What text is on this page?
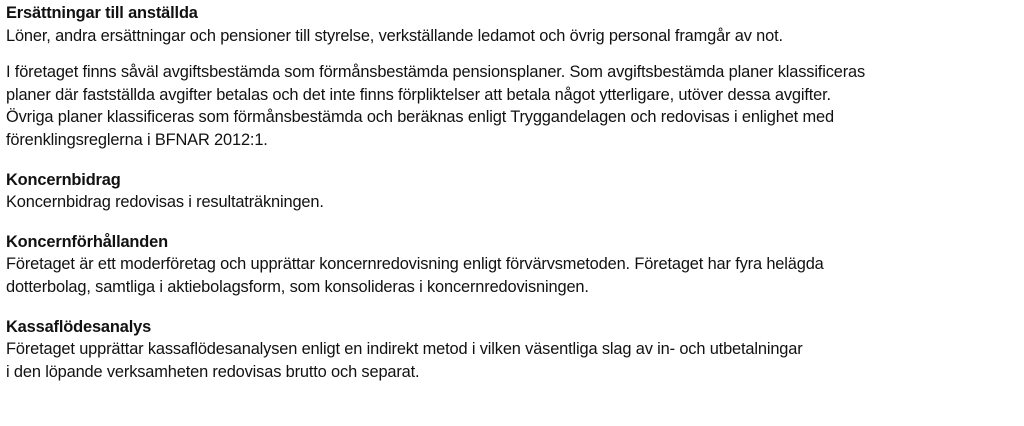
Ersättningar till anställda
Löner, andra ersättningar och pensioner till styrelse, verkställande ledamot och övrig personal framgår av not.
I företaget finns såväl avgiftsbestämda som förmånsbestämda pensionsplaner. Som avgiftsbestämda planer klassificeras
planer där fastställda avgifter betalas och det inte finns förpliktelser att betala något ytterligare, utöver dessa avgifter.
Övriga planer klassificeras som förmånsbestämda och beräknas enligt Tryggandelagen och redovisas i enlighet med
förenklingsreglerna i BFNAR 2012:1.
Koncernbidrag
Koncernbidrag redovisas i resultaträkningen.
Koncernförhållanden
Företaget är ett moderföretag och upprättar koncernredovisning enligt förvärvsmetoden. Företaget har fyra helägda
dotterbolag, samtliga i aktiebolagsform, som konsolideras i koncernredovisningen.
Kassaflödesanalys
Företaget upprättar kassaflödesanalysen enligt en indirekt metod i vilken väsentliga slag av in- och utbetalningar
i den löpande verksamheten redovisas brutto och separat.
